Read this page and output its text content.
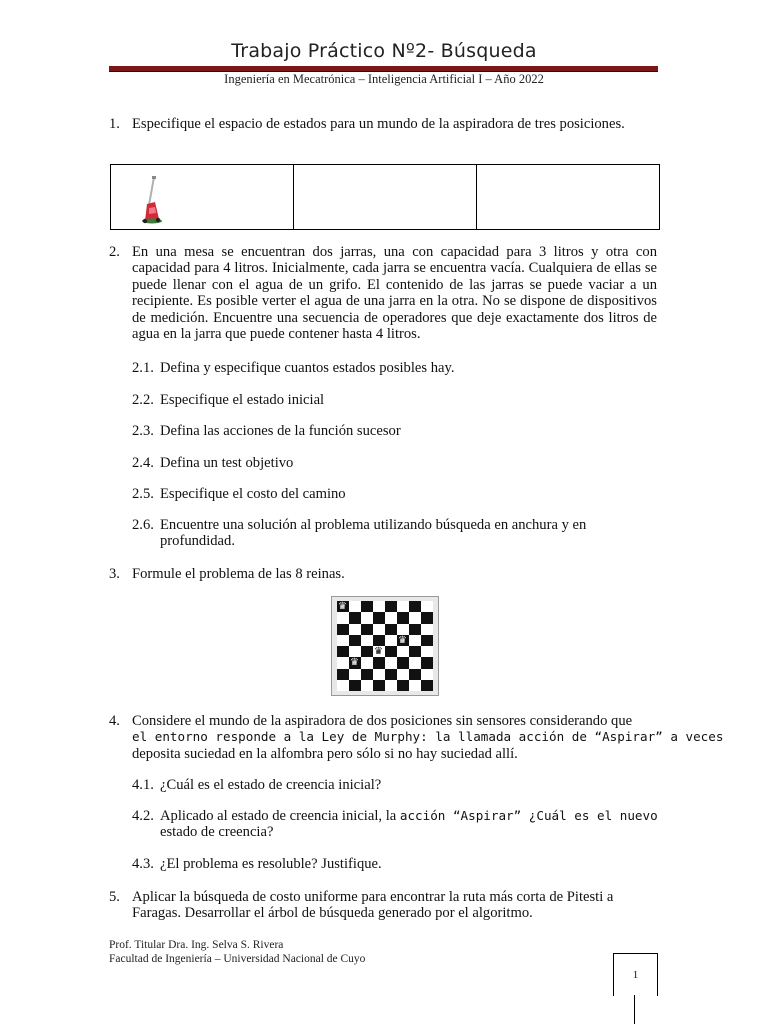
Trabajo Práctico Nº2- Búsqueda
Ingeniería en Mecatrónica – Inteligencia Artificial I – Año 2022
1. Especifique el espacio de estados para un mundo de la aspiradora de tres posiciones.
2. En una mesa se encuentran dos jarras, una con capacidad para 3 litros y otra con capacidad para 4 litros. Inicialmente, cada jarra se encuentra vacía. Cualquiera de ellas se puede llenar con el agua de un grifo. El contenido de las jarras se puede vaciar a un recipiente. Es posible verter el agua de una jarra en la otra. No se dispone de dispositivos de medición. Encuentre una secuencia de operadores que deje exactamente dos litros de agua en la jarra que puede contener hasta 4 litros.
2.1. Defina y especifique cuantos estados posibles hay.
2.2. Especifique el estado inicial
2.3. Defina las acciones de la función sucesor
2.4. Defina un test objetivo
2.5. Especifique el costo del camino
2.6. Encuentre una solución al problema utilizando búsqueda en anchura y en profundidad.
3. Formule el problema de las 8 reinas.
♛
♛
♛
♛
4. Considere el mundo de la aspiradora de dos posiciones sin sensores considerando que
el entorno responde a la Ley de Murphy: la llamada acción de “Aspirar” a veces
deposita suciedad en la alfombra pero sólo si no hay suciedad allí.
4.1. ¿Cuál es el estado de creencia inicial?
4.2. Aplicado al estado de creencia inicial, la acción “Aspirar” ¿Cuál es el nuevo
estado de creencia?
4.3. ¿El problema es resoluble? Justifique.
5. Aplicar la búsqueda de costo uniforme para encontrar la ruta más corta de Pitesti a Faragas. Desarrollar el árbol de búsqueda generado por el algoritmo.
Prof. Titular Dra. Ing. Selva S. Rivera
Facultad de Ingeniería – Universidad Nacional de Cuyo
1
